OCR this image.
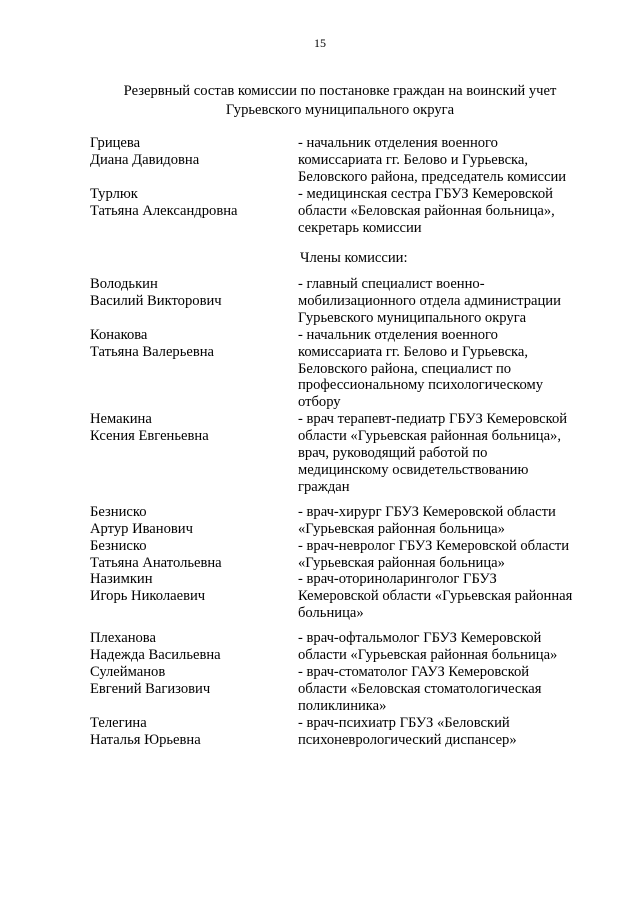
15
Резервный состав комиссии по постановке граждан на воинский учет
Гурьевского муниципального округа
Грицева
Диана Давидовна
- начальник отделения военного
комиссариата гг. Белово и Гурьевска,
Беловского района, председатель комиссии
Турлюк
Татьяна Александровна
- медицинская сестра ГБУЗ Кемеровской
области «Беловская районная больница»,
секретарь комиссии
Члены комиссии:
Володькин
Василий Викторович
- главный специалист военно-
мобилизационного отдела администрации
Гурьевского муниципального округа
Конакова
Татьяна Валерьевна
- начальник отделения военного
комиссариата гг. Белово и Гурьевска,
Беловского района, специалист по
профессиональному психологическому
отбору
Немакина
Ксения Евгеньевна
- врач терапевт-педиатр ГБУЗ Кемеровской
области «Гурьевская районная больница»,
врач, руководящий работой по
медицинскому освидетельствованию
граждан
Безниско
Артур Иванович
- врач-хирург ГБУЗ Кемеровской области
«Гурьевская районная больница»
Безниско
Татьяна Анатольевна
- врач-невролог ГБУЗ Кемеровской области
«Гурьевская районная больница»
Назимкин
Игорь Николаевич
- врач-оториноларинголог ГБУЗ
Кемеровской области «Гурьевская районная
больница»
Плеханова
Надежда Васильевна
- врач-офтальмолог ГБУЗ Кемеровской
области «Гурьевская районная больница»
Сулейманов
Евгений Вагизович
- врач-стоматолог ГАУЗ Кемеровской
области «Беловская стоматологическая
поликлиника»
Телегина
Наталья Юрьевна
- врач-психиатр ГБУЗ «Беловский
психоневрологический диспансер»
